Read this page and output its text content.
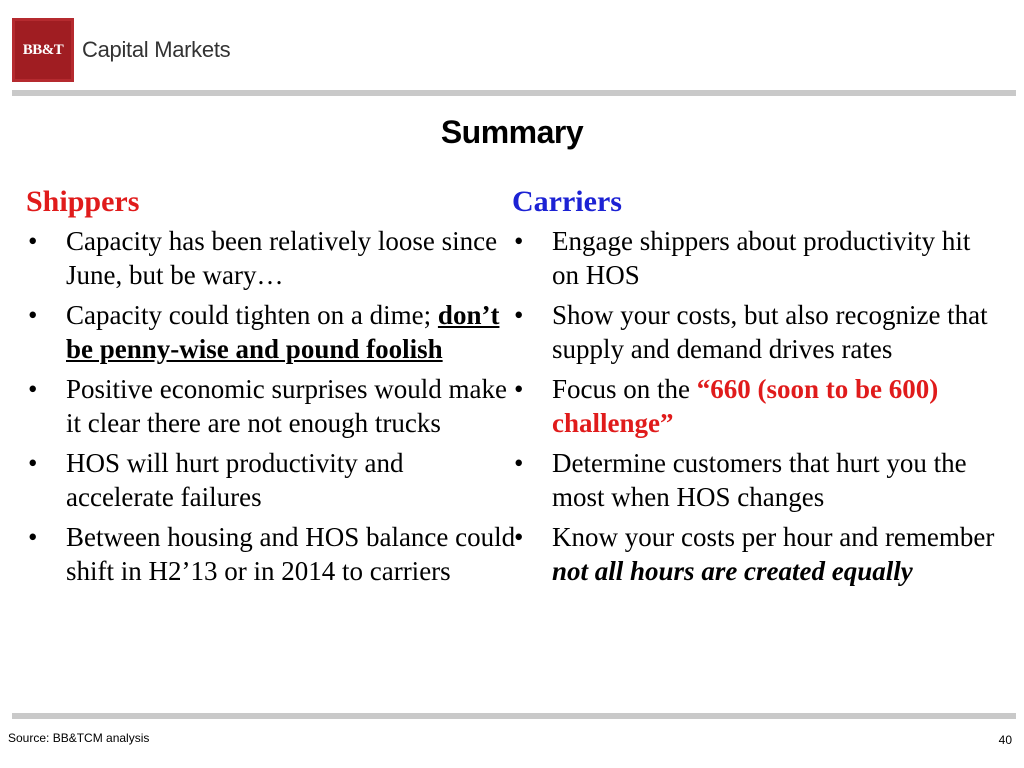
BB&T Capital Markets
Summary
Shippers
• Capacity has been relatively loose since June, but be wary…
• Capacity could tighten on a dime; don’t be penny-wise and pound foolish
• Positive economic surprises would make it clear there are not enough trucks
• HOS will hurt productivity and accelerate failures
• Between housing and HOS balance could shift in H2’13 or in 2014 to carriers
Carriers
• Engage shippers about productivity hit on HOS
• Show your costs, but also recognize that supply and demand drives rates
• Focus on the “660 (soon to be 600) challenge”
• Determine customers that hurt you the most when HOS changes
• Know your costs per hour and remember not all hours are created equally
Source: BB&TCM analysis	40
